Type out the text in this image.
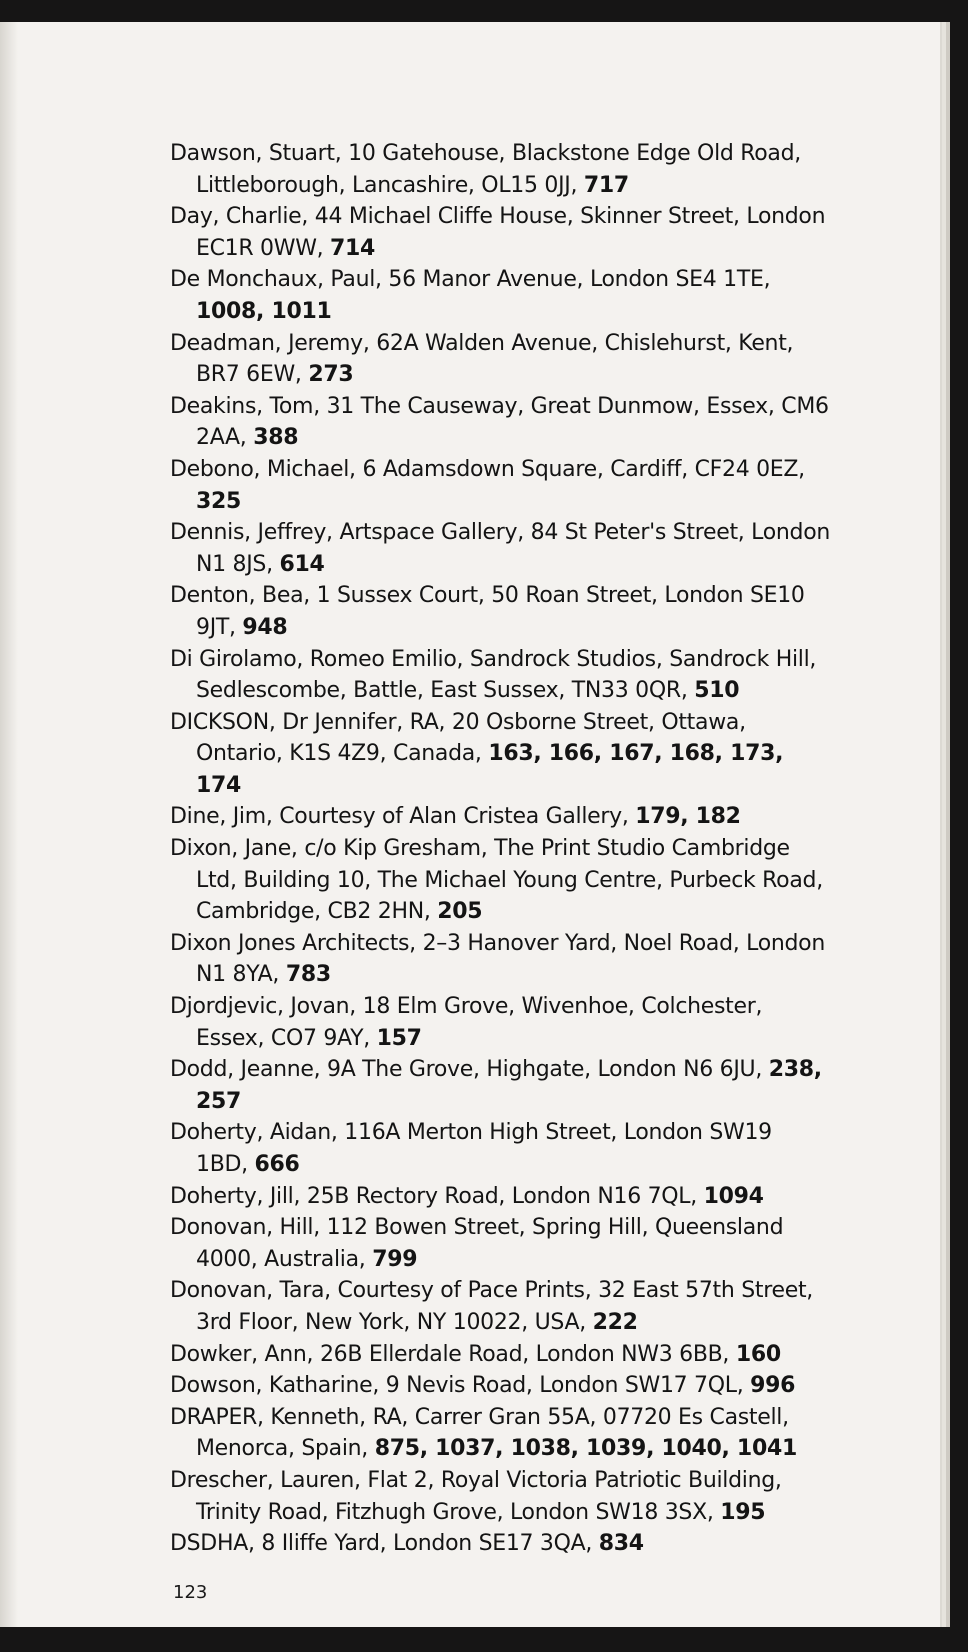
Dawson, Stuart, 10 Gatehouse, Blackstone Edge Old Road, Littleborough, Lancashire, OL15 0JJ, 717
Day, Charlie, 44 Michael Cliffe House, Skinner Street, London EC1R 0WW, 714
De Monchaux, Paul, 56 Manor Avenue, London SE4 1TE, 1008, 1011
Deadman, Jeremy, 62A Walden Avenue, Chislehurst, Kent, BR7 6EW, 273
Deakins, Tom, 31 The Causeway, Great Dunmow, Essex, CM6 2AA, 388
Debono, Michael, 6 Adamsdown Square, Cardiff, CF24 0EZ, 325
Dennis, Jeffrey, Artspace Gallery, 84 St Peter's Street, London N1 8JS, 614
Denton, Bea, 1 Sussex Court, 50 Roan Street, London SE10 9JT, 948
Di Girolamo, Romeo Emilio, Sandrock Studios, Sandrock Hill, Sedlescombe, Battle, East Sussex, TN33 0QR, 510
DICKSON, Dr Jennifer, RA, 20 Osborne Street, Ottawa, Ontario, K1S 4Z9, Canada, 163, 166, 167, 168, 173, 174
Dine, Jim, Courtesy of Alan Cristea Gallery, 179, 182
Dixon, Jane, c/o Kip Gresham, The Print Studio Cambridge Ltd, Building 10, The Michael Young Centre, Purbeck Road, Cambridge, CB2 2HN, 205
Dixon Jones Architects, 2–3 Hanover Yard, Noel Road, London N1 8YA, 783
Djordjevic, Jovan, 18 Elm Grove, Wivenhoe, Colchester, Essex, CO7 9AY, 157
Dodd, Jeanne, 9A The Grove, Highgate, London N6 6JU, 238, 257
Doherty, Aidan, 116A Merton High Street, London SW19 1BD, 666
Doherty, Jill, 25B Rectory Road, London N16 7QL, 1094
Donovan, Hill, 112 Bowen Street, Spring Hill, Queensland 4000, Australia, 799
Donovan, Tara, Courtesy of Pace Prints, 32 East 57th Street, 3rd Floor, New York, NY 10022, USA, 222
Dowker, Ann, 26B Ellerdale Road, London NW3 6BB, 160
Dowson, Katharine, 9 Nevis Road, London SW17 7QL, 996
DRAPER, Kenneth, RA, Carrer Gran 55A, 07720 Es Castell, Menorca, Spain, 875, 1037, 1038, 1039, 1040, 1041
Drescher, Lauren, Flat 2, Royal Victoria Patriotic Building, Trinity Road, Fitzhugh Grove, London SW18 3SX, 195
DSDHA, 8 Iliffe Yard, London SE17 3QA, 834
123
